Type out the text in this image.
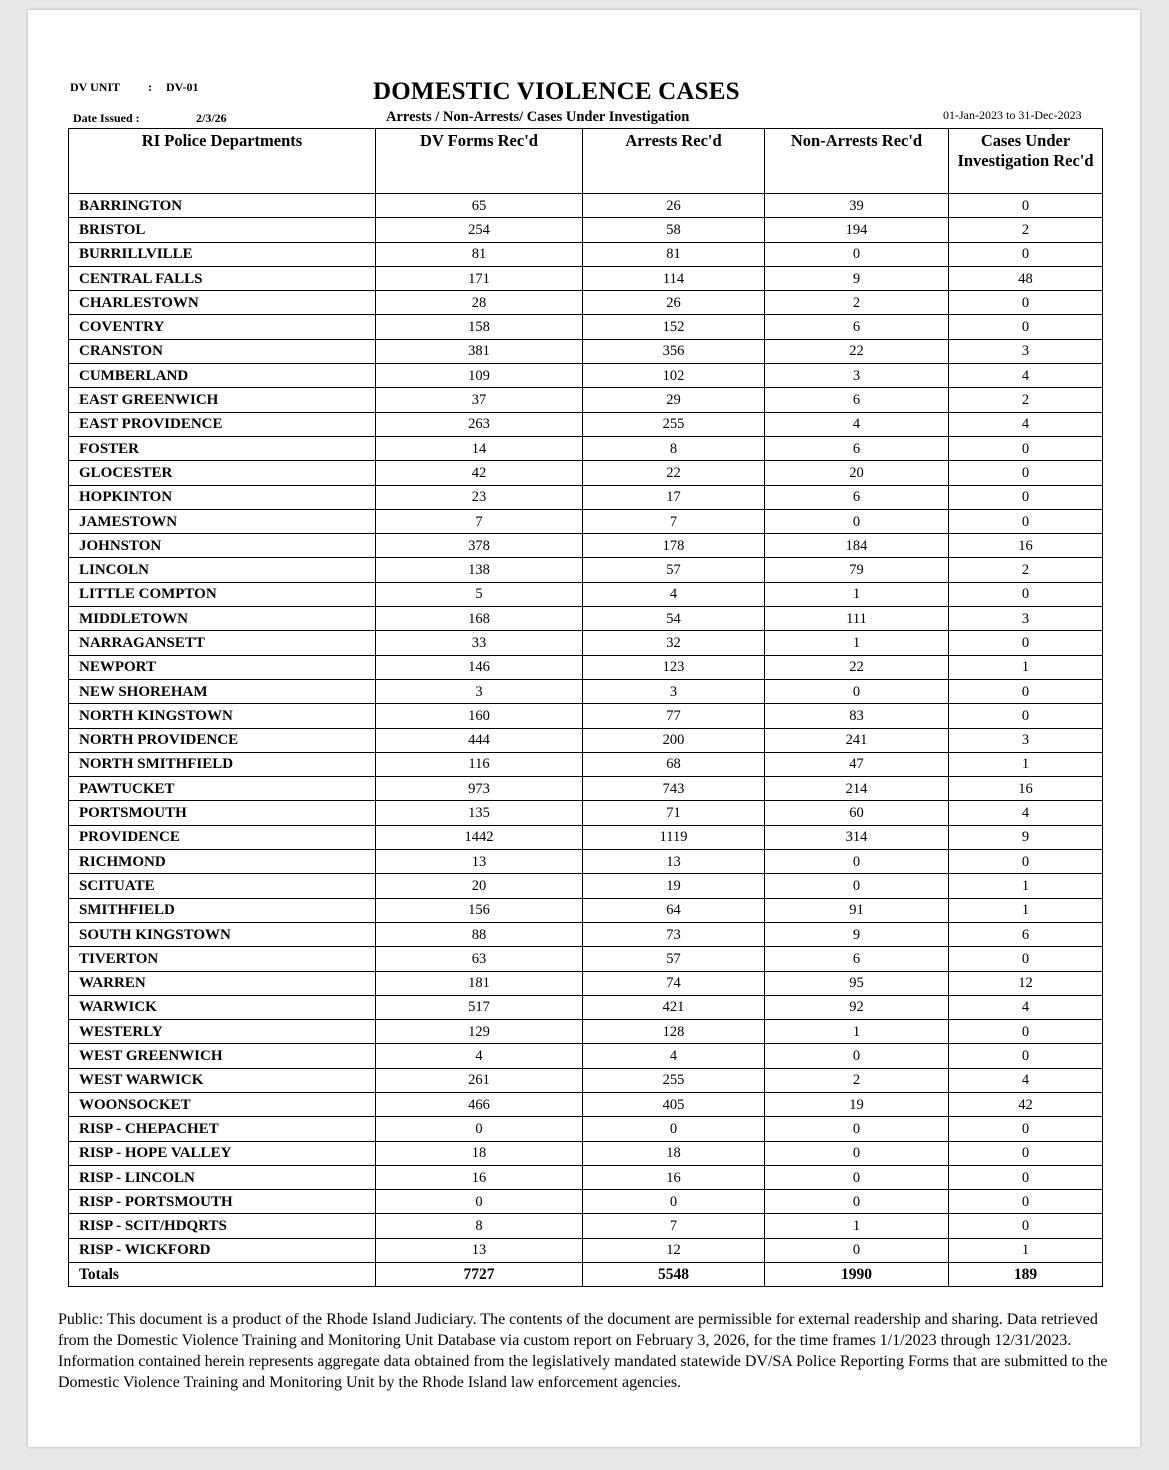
DV UNIT : DV-01
Date Issued :	2/3/26
DOMESTIC VIOLENCE CASES
Arrests / Non-Arrests/ Cases Under Investigation	01-Jan-2023 to 31-Dec-2023
RI Police Departments	DV Forms Rec'd	Arrests Rec'd	Non-Arrests Rec'd	Cases Under Investigation Rec'd
BARRINGTON	65	26	39	0
BRISTOL	254	58	194	2
BURRILLVILLE	81	81	0	0
CENTRAL FALLS	171	114	9	48
CHARLESTOWN	28	26	2	0
COVENTRY	158	152	6	0
CRANSTON	381	356	22	3
CUMBERLAND	109	102	3	4
EAST GREENWICH	37	29	6	2
EAST PROVIDENCE	263	255	4	4
FOSTER	14	8	6	0
GLOCESTER	42	22	20	0
HOPKINTON	23	17	6	0
JAMESTOWN	7	7	0	0
JOHNSTON	378	178	184	16
LINCOLN	138	57	79	2
LITTLE COMPTON	5	4	1	0
MIDDLETOWN	168	54	111	3
NARRAGANSETT	33	32	1	0
NEWPORT	146	123	22	1
NEW SHOREHAM	3	3	0	0
NORTH KINGSTOWN	160	77	83	0
NORTH PROVIDENCE	444	200	241	3
NORTH SMITHFIELD	116	68	47	1
PAWTUCKET	973	743	214	16
PORTSMOUTH	135	71	60	4
PROVIDENCE	1442	1119	314	9
RICHMOND	13	13	0	0
SCITUATE	20	19	0	1
SMITHFIELD	156	64	91	1
SOUTH KINGSTOWN	88	73	9	6
TIVERTON	63	57	6	0
WARREN	181	74	95	12
WARWICK	517	421	92	4
WESTERLY	129	128	1	0
WEST GREENWICH	4	4	0	0
WEST WARWICK	261	255	2	4
WOONSOCKET	466	405	19	42
RISP - CHEPACHET	0	0	0	0
RISP - HOPE VALLEY	18	18	0	0
RISP - LINCOLN	16	16	0	0
RISP - PORTSMOUTH	0	0	0	0
RISP - SCIT/HDQRTS	8	7	1	0
RISP - WICKFORD	13	12	0	1
Totals	7727	5548	1990	189
Public: This document is a product of the Rhode Island Judiciary. The contents of the document are permissible for external readership and sharing. Data retrieved from the Domestic Violence Training and Monitoring Unit Database via custom report on February 3, 2026, for the time frames 1/1/2023 through 12/31/2023. Information contained herein represents aggregate data obtained from the legislatively mandated statewide DV/SA Police Reporting Forms that are submitted to the Domestic Violence Training and Monitoring Unit by the Rhode Island law enforcement agencies.
